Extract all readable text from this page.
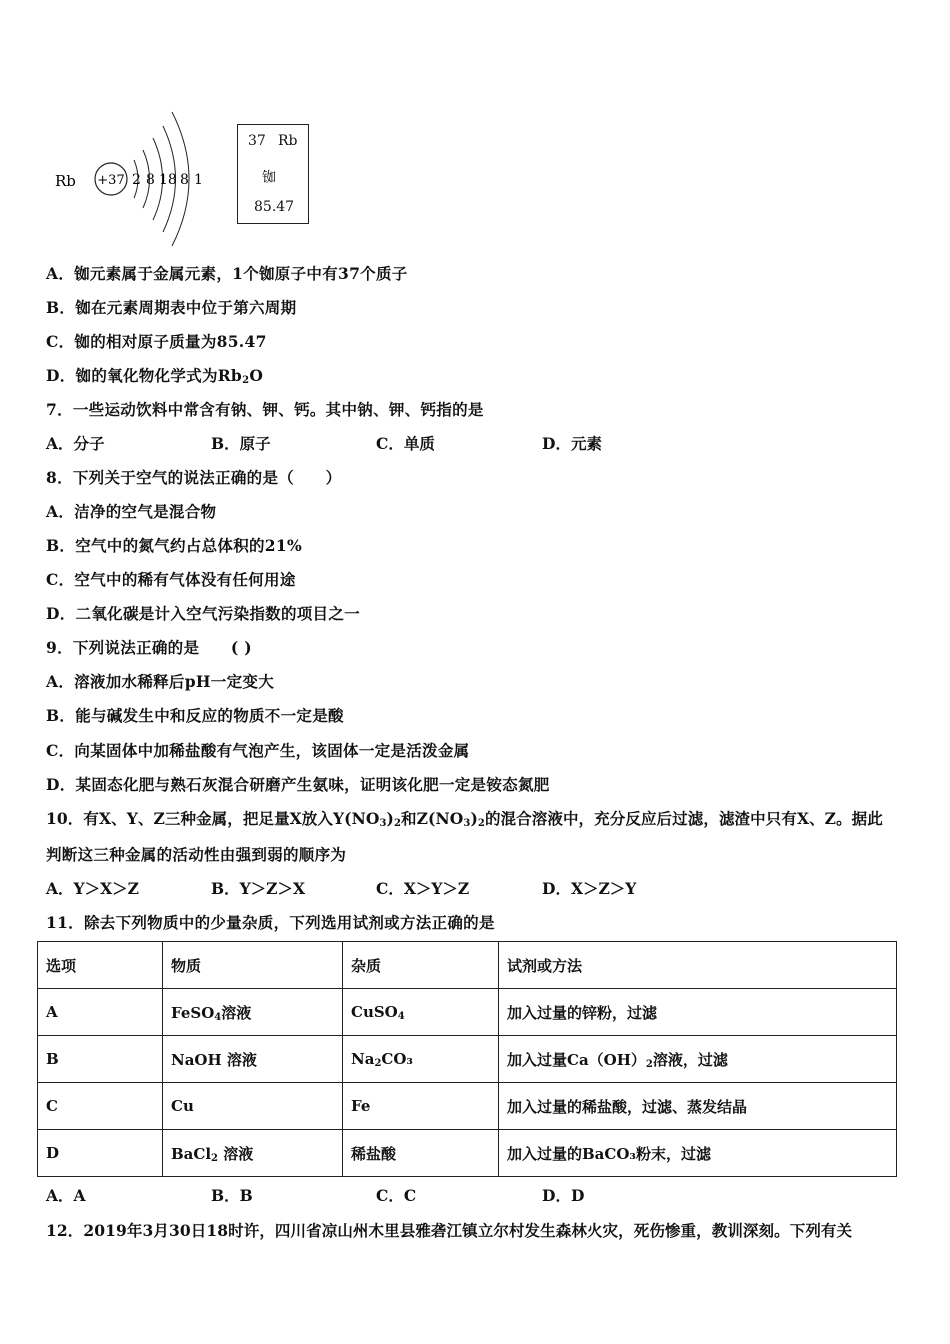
Rb +37 2 8 18 8 1
37 Rb
铷
85.47
A．铷元素属于金属元素，1个铷原子中有37个质子
B．铷在元素周期表中位于第六周期
C．铷的相对原子质量为85.47
D．铷的氧化物化学式为$Rb_2O$
7．一些运动饮料中常含有钠、钾、钙。其中钠、钾、钙指的是
A．分子	B．原子	C．单质	D．元素
8．下列关于空气的说法正确的是（　　）
A．洁净的空气是混合物
B．空气中的氮气约占总体积的21%
C．空气中的稀有气体没有任何用途
D．二氧化碳是计入空气污染指数的项目之一
9．下列说法正确的是　　( )
A．溶液加水稀释后pH一定变大
B．能与碱发生中和反应的物质不一定是酸
C．向某固体中加稀盐酸有气泡产生，该固体一定是活泼金属
D．某固态化肥与熟石灰混合研磨产生氨味，证明该化肥一定是铵态氮肥
10．有X、Y、Z三种金属，把足量X放入$Y(NO_3)_2$和$Z(NO_3)_2$的混合溶液中，充分反应后过滤，滤渣中只有X、Z。据此
判断这三种金属的活动性由强到弱的顺序为
A．Y＞X＞Z	B．Y＞Z＞X	C．X＞Y＞Z	D．X＞Z＞Y
11．除去下列物质中的少量杂质，下列选用试剂或方法正确的是
选项	物质	杂质	试剂或方法
A	FeSO$_4$溶液	CuSO$_4$	加入过量的锌粉，过滤
B	NaOH 溶液	$Na_2CO_3$	加入过量$Ca(OH)_2$溶液，过滤
C	Cu	Fe	加入过量的稀盐酸，过滤、蒸发结晶
D	BaCl$_2$ 溶液	稀盐酸	加入过量的BaCO₃粉末，过滤
A．A	B．B	C．C	D．D
12．2019年3月30日18时许，四川省凉山州木里县雅砻江镇立尔村发生森林火灾，死伤惨重，教训深刻。下列有关
